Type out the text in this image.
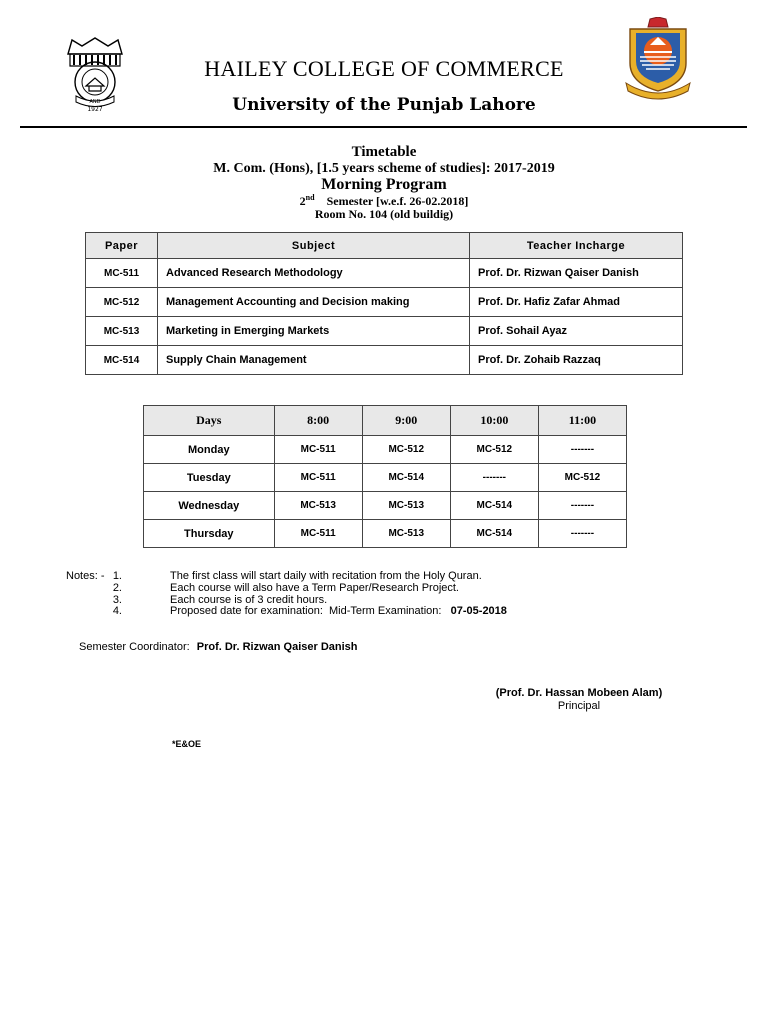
AND
1927
HAILEY COLLEGE OF COMMERCE
University of the Punjab Lahore
Timetable
M. Com. (Hons), [1.5 years scheme of studies]: 2017-2019
Morning Program
2nd Semester [w.e.f. 26-02.2018]
Room No. 104 (old buildig)
Paper	Subject	Teacher Incharge
MC-511	Advanced Research Methodology	Prof. Dr. Rizwan Qaiser Danish
MC-512	Management Accounting and Decision making	Prof. Dr. Hafiz Zafar Ahmad
MC-513	Marketing in Emerging Markets	Prof. Sohail Ayaz
MC-514	Supply Chain Management	Prof. Dr. Zohaib Razzaq
Days	8:00	9:00	10:00	11:00
Monday	MC-511	MC-512	MC-512	-------
Tuesday	MC-511	MC-514	-------	MC-512
Wednesday	MC-513	MC-513	MC-514	-------
Thursday	MC-511	MC-513	MC-514	-------
Notes: - 1.	The first class will start daily with recitation from the Holy Quran.
2.	Each course will also have a Term Paper/Research Project.
3.	Each course is of 3 credit hours.
4.	Proposed date for examination:  Mid-Term Examination: 07-05-2018
Semester Coordinator: Prof. Dr. Rizwan Qaiser Danish
(Prof. Dr. Hassan Mobeen Alam)
Principal
*E&OE
